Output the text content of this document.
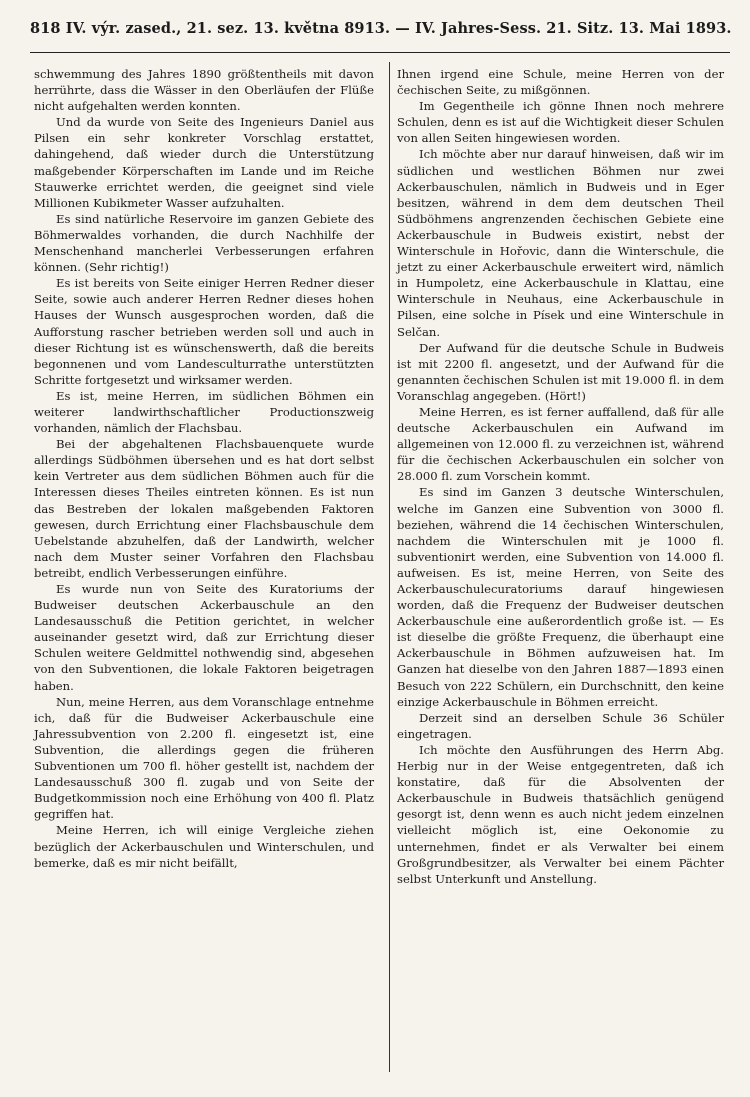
818 IV. výr. zased., 21. sez. 13. května 8913. — IV. Jahres-Sess. 21. Sitz. 13. Mai 1893.

schwemmung des Jahres 1890 größtentheils mit davon herrührte, dass die Wässer in den Oberläufen der Flüße nicht aufgehalten werden konnten.

Und da wurde von Seite des Ingenieurs Daniel aus Pilsen ein sehr konkreter Vorschlag erstattet, dahingehend, daß wieder durch die Unterstützung maßgebender Körperschaften im Lande und im Reiche Stauwerke errichtet werden, die geeignet sind viele Millionen Kubikmeter Wasser aufzuhalten.

Es sind natürliche Reservoire im ganzen Gebiete des Böhmerwaldes vorhanden, die durch Nachhilfe der Menschenhand mancherlei Verbesserungen erfahren können. (Sehr richtig!)

Es ist bereits von Seite einiger Herren Redner dieser Seite, sowie auch anderer Herren Redner dieses hohen Hauses der Wunsch ausgesprochen worden, daß die Aufforstung rascher betrieben werden soll und auch in dieser Richtung ist es wünschenswerth, daß die bereits begonnenen und vom Landesculturrathe unterstützten Schritte fortgesetzt und wirksamer werden.

Es ist, meine Herren, im südlichen Böhmen ein weiterer landwirthschaftlicher Productionszweig vorhanden, nämlich der Flachsbau.

Bei der abgehaltenen Flachsbauenquete wurde allerdings Südböhmen übersehen und es hat dort selbst kein Vertreter aus dem südlichen Böhmen auch für die Interessen dieses Theiles eintreten können. Es ist nun das Bestreben der lokalen maßgebenden Faktoren gewesen, durch Errichtung einer Flachsbauschule dem Uebelstande abzuhelfen, daß der Landwirth, welcher nach dem Muster seiner Vorfahren den Flachsbau betreibt, endlich Verbesserungen einführe.

Es wurde nun von Seite des Kuratoriums der Budweiser deutschen Ackerbauschule an den Landesausschuß die Petition gerichtet, in welcher auseinander gesetzt wird, daß zur Errichtung dieser Schulen weitere Geldmittel nothwendig sind, abgesehen von den Subventionen, die lokale Faktoren beigetragen haben.

Nun, meine Herren, aus dem Voranschlage entnehme ich, daß für die Budweiser Ackerbauschule eine Jahressubvention von 2.200 fl. eingesetzt ist, eine Subvention, die allerdings gegen die früheren Subventionen um 700 fl. höher gestellt ist, nachdem der Landesausschuß 300 fl. zugab und von Seite der Budgetkommission noch eine Erhöhung von 400 fl. Platz gegriffen hat.

Meine Herren, ich will einige Vergleiche ziehen bezüglich der Ackerbauschulen und Winterschulen, und bemerke, daß es mir nicht beifällt,

Ihnen irgend eine Schule, meine Herren von der čechischen Seite, zu mißgönnen.

Im Gegentheile ich gönne Ihnen noch mehrere Schulen, denn es ist auf die Wichtigkeit dieser Schulen von allen Seiten hingewiesen worden.

Ich möchte aber nur darauf hinweisen, daß wir im südlichen und westlichen Böhmen nur zwei Ackerbauschulen, nämlich in Budweis und in Eger besitzen, während in dem dem deutschen Theil Südböhmens angrenzenden čechischen Gebiete eine Ackerbauschule in Budweis existirt, nebst der Winterschule in Hořovic, dann die Winterschule, die jetzt zu einer Ackerbauschule erweitert wird, nämlich in Humpoletz, eine Ackerbauschule in Klattau, eine Winterschule in Neuhaus, eine Ackerbauschule in Pilsen, eine solche in Písek und eine Winterschule in Selčan.

Der Aufwand für die deutsche Schule in Budweis ist mit 2200 fl. angesetzt, und der Aufwand für die genannten čechischen Schulen ist mit 19.000 fl. in dem Voranschlag angegeben. (Hört!)

Meine Herren, es ist ferner auffallend, daß für alle deutsche Ackerbauschulen ein Aufwand im allgemeinen von 12.000 fl. zu verzeichnen ist, während für die čechischen Ackerbauschulen ein solcher von 28.000 fl. zum Vorschein kommt.

Es sind im Ganzen 3 deutsche Winterschulen, welche im Ganzen eine Subvention von 3000 fl. beziehen, während die 14 čechischen Winterschulen, nachdem die Winterschulen mit je 1000 fl. subventionirt werden, eine Subvention von 14.000 fl. aufweisen. Es ist, meine Herren, von Seite des Ackerbauschulecuratoriums darauf hingewiesen worden, daß die Frequenz der Budweiser deutschen Ackerbauschule eine außerordentlich große ist. — Es ist dieselbe die größte Frequenz, die überhaupt eine Ackerbauschule in Böhmen aufzuweisen hat. Im Ganzen hat dieselbe von den Jahren 1887—1893 einen Besuch von 222 Schülern, ein Durchschnitt, den keine einzige Ackerbauschule in Böhmen erreicht.

Derzeit sind an derselben Schule 36 Schüler eingetragen.

Ich möchte den Ausführungen des Herrn Abg. Herbig nur in der Weise entgegentreten, daß ich konstatire, daß für die Absolventen der Ackerbauschule in Budweis thatsächlich genügend gesorgt ist, denn wenn es auch nicht jedem einzelnen vielleicht möglich ist, eine Oekonomie zu unternehmen, findet er als Verwalter bei einem Großgrundbesitzer, als Verwalter bei einem Pächter selbst Unterkunft und Anstellung.
